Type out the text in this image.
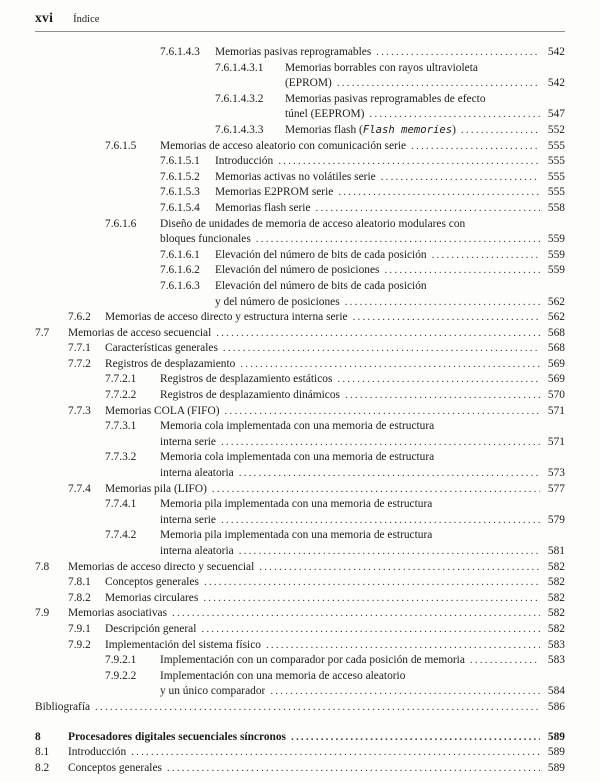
xvi Índice
7.6.1.4.3	Memorias pasivas reprogramables .....	542
7.6.1.4.3.1	Memorias borrables con rayos ultravioleta
(EPROM) .....	542
7.6.1.4.3.2	Memorias pasivas reprogramables de efecto
túnel (EEPROM) .....	547
7.6.1.4.3.3	Memorias flash (Flash memories) .....	552
7.6.1.5	Memorias de acceso aleatorio con comunicación serie .....	555
7.6.1.5.1	Introducción .....	555
7.6.1.5.2	Memorias activas no volátiles serie .....	555
7.6.1.5.3	Memorias E2PROM serie .....	555
7.6.1.5.4	Memorias flash serie .....	558
7.6.1.6	Diseño de unidades de memoria de acceso aleatorio modulares con
bloques funcionales .....	559
7.6.1.6.1	Elevación del número de bits de cada posición .....	559
7.6.1.6.2	Elevación del número de posiciones .....	559
7.6.1.6.3	Elevación del número de bits de cada posición
y del número de posiciones .....	562
7.6.2	Memorias de acceso directo y estructura interna serie .....	562
7.7	Memorias de acceso secuencial .....	568
7.7.1	Características generales .....	568
7.7.2	Registros de desplazamiento .....	569
7.7.2.1	Registros de desplazamiento estáticos .....	569
7.7.2.2	Registros de desplazamiento dinámicos .....	570
7.7.3	Memorias COLA (FIFO) .....	571
7.7.3.1	Memoria cola implementada con una memoria de estructura
interna serie .....	571
7.7.3.2	Memoria cola implementada con una memoria de estructura
interna aleatoria .....	573
7.7.4	Memorias pila (LIFO) .....	577
7.7.4.1	Memoria pila implementada con una memoria de estructura
interna serie .....	579
7.7.4.2	Memoria pila implementada con una memoria de estructura
interna aleatoria .....	581
7.8	Memorias de acceso directo y secuencial .....	582
7.8.1	Conceptos generales .....	582
7.8.2	Memorias circulares .....	582
7.9	Memorias asociativas .....	582
7.9.1	Descripción general .....	582
7.9.2	Implementación del sistema físico .....	583
7.9.2.1	Implementación con un comparador por cada posición de memoria .....	583
7.9.2.2	Implementación con una memoria de acceso aleatorio
y un único comparador .....	584
Bibliografía .....	586
8	Procesadores digitales secuenciales síncronos .....	589
8.1	Introducción .....	589
8.2	Conceptos generales .....	589
